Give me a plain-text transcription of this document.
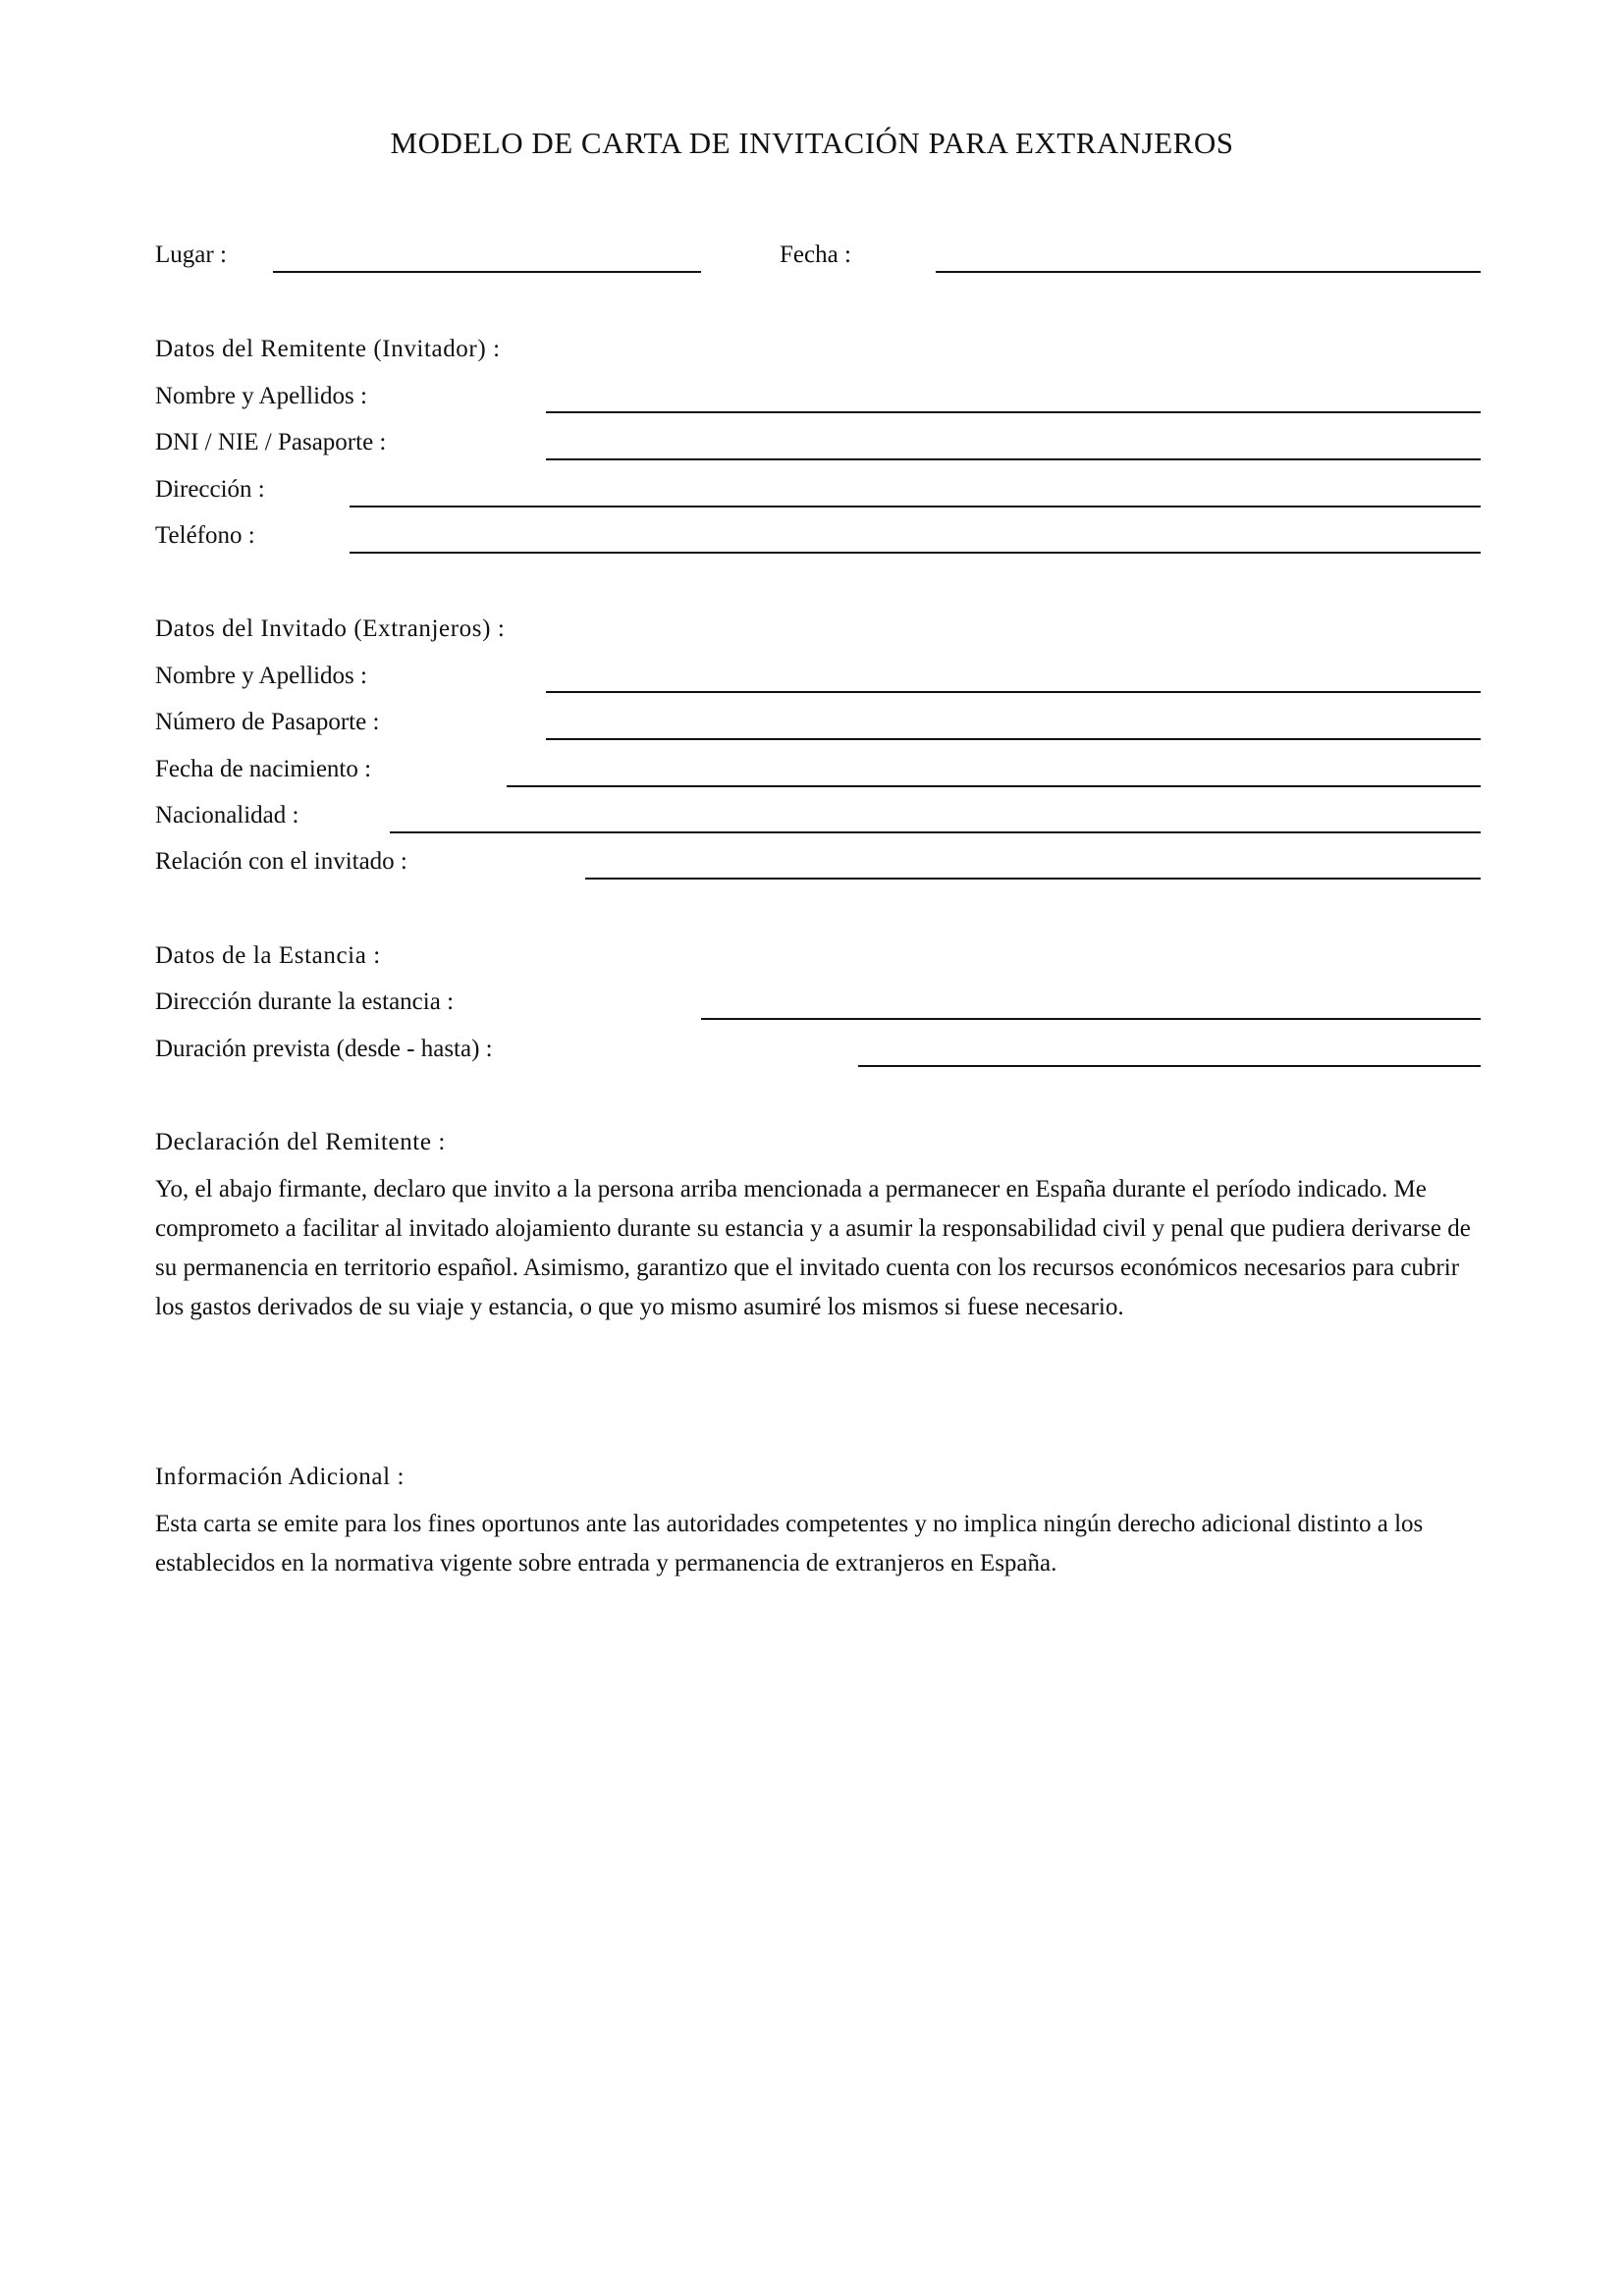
MODELO DE CARTA DE INVITACIÓN PARA EXTRANJEROS
Lugar :	Fecha :
Datos del Remitente (Invitador) :
Nombre y Apellidos :
DNI / NIE / Pasaporte :
Dirección :
Teléfono :
Datos del Invitado (Extranjeros) :
Nombre y Apellidos :
Número de Pasaporte :
Fecha de nacimiento :
Nacionalidad :
Relación con el invitado :
Datos de la Estancia :
Dirección durante la estancia :
Duración prevista (desde - hasta) :
Declaración del Remitente :
Yo, el abajo firmante, declaro que invito a la persona arriba mencionada a permanecer en España durante el período indicado. Me comprometo a facilitar al invitado alojamiento durante su estancia y a asumir la responsabilidad civil y penal que pudiera derivarse de su permanencia en territorio español. Asimismo, garantizo que el invitado cuenta con los recursos económicos necesarios para cubrir los gastos derivados de su viaje y estancia, o que yo mismo asumiré los mismos si fuese necesario.
Información Adicional :
Esta carta se emite para los fines oportunos ante las autoridades competentes y no implica ningún derecho adicional distinto a los establecidos en la normativa vigente sobre entrada y permanencia de extranjeros en España.
